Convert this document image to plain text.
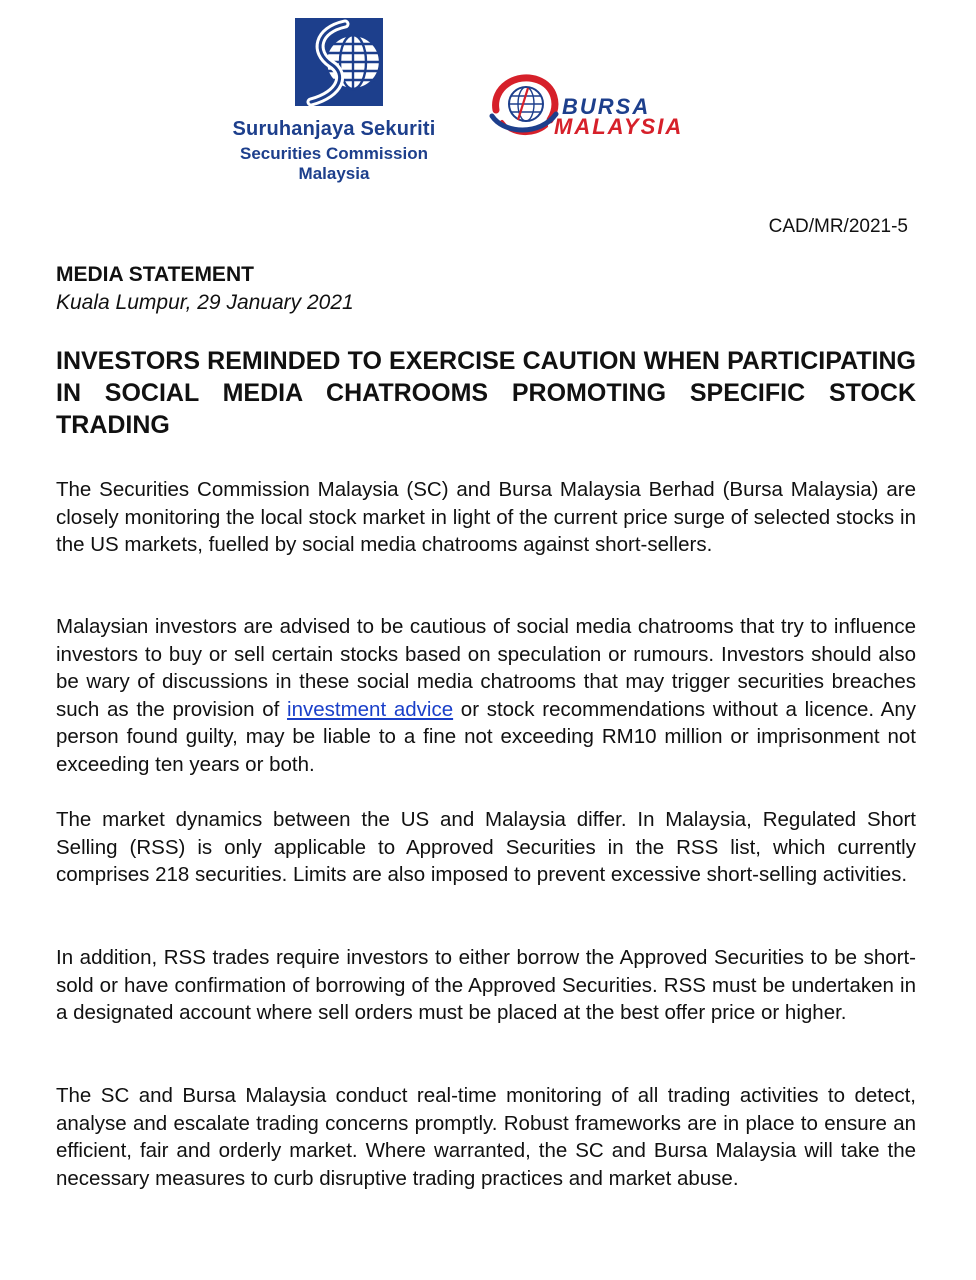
Suruhanjaya Sekuriti
Securities Commission
Malaysia
BURSA
MALAYSIA
CAD/MR/2021-5
MEDIA STATEMENT
Kuala Lumpur, 29 January 2021
INVESTORS REMINDED TO EXERCISE CAUTION WHEN PARTICIPATING IN SOCIAL MEDIA CHATROOMS PROMOTING SPECIFIC STOCK TRADING

The Securities Commission Malaysia (SC) and Bursa Malaysia Berhad (Bursa Malaysia) are closely monitoring the local stock market in light of the current price surge of selected stocks in the US markets, fuelled by social media chatrooms against short-sellers.

Malaysian investors are advised to be cautious of social media chatrooms that try to influence investors to buy or sell certain stocks based on speculation or rumours. Investors should also be wary of discussions in these social media chatrooms that may trigger securities breaches such as the provision of investment advice or stock recommendations without a licence. Any person found guilty, may be liable to a fine not exceeding RM10 million or imprisonment not exceeding ten years or both.

The market dynamics between the US and Malaysia differ. In Malaysia, Regulated Short Selling (RSS) is only applicable to Approved Securities in the RSS list, which currently comprises 218 securities. Limits are also imposed to prevent excessive short-selling activities.

In addition, RSS trades require investors to either borrow the Approved Securities to be short-sold or have confirmation of borrowing of the Approved Securities. RSS must be undertaken in a designated account where sell orders must be placed at the best offer price or higher.

The SC and Bursa Malaysia conduct real-time monitoring of all trading activities to detect, analyse and escalate trading concerns promptly. Robust frameworks are in place to ensure an efficient, fair and orderly market. Where warranted, the SC and Bursa Malaysia will take the necessary measures to curb disruptive trading practices and market abuse.
